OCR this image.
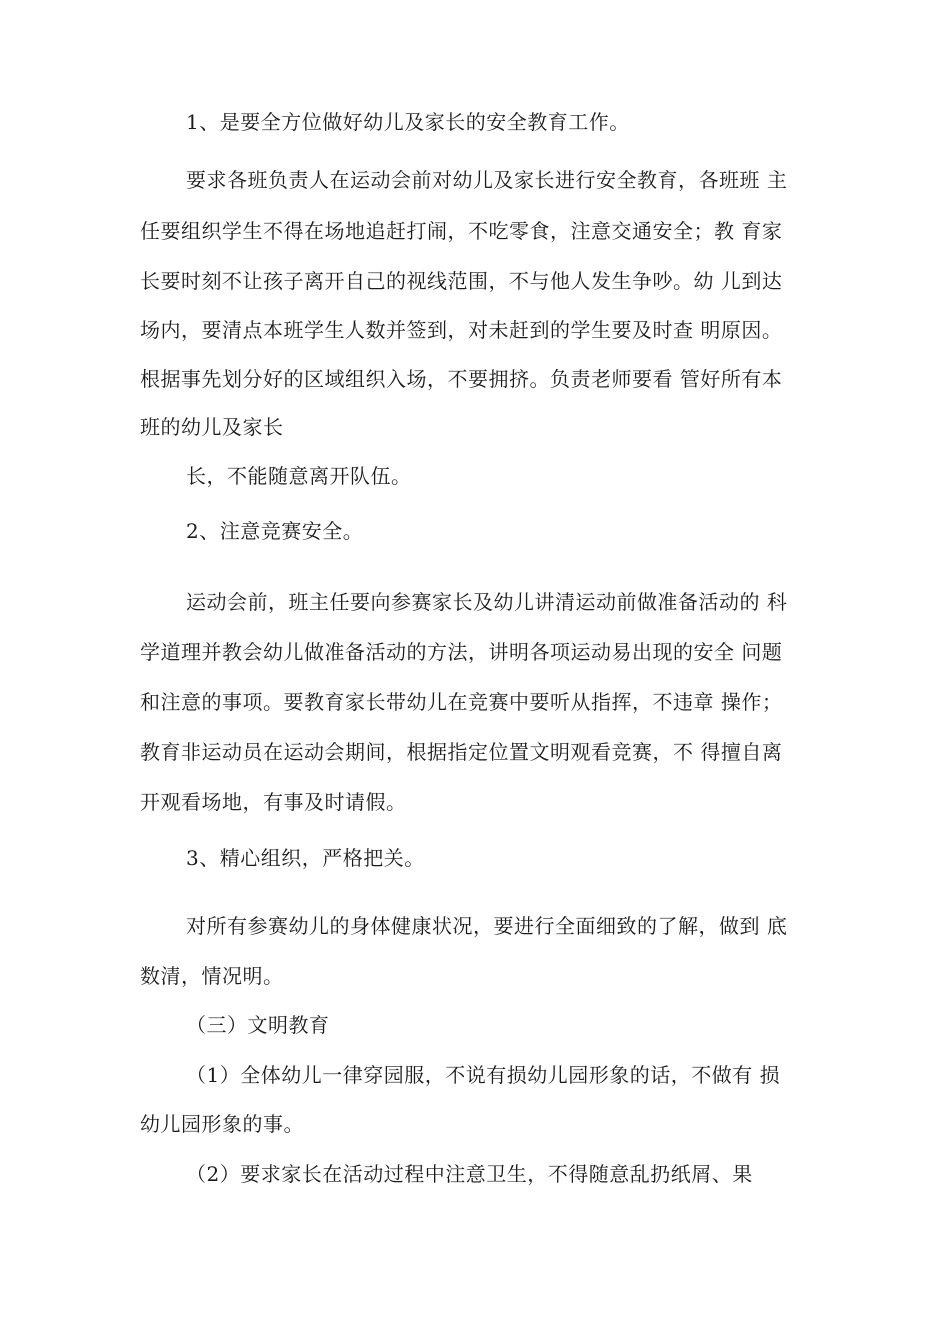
1、是要全方位做好幼儿及家长的安全教育工作。
要求各班负责人在运动会前对幼儿及家长进行安全教育，各班班 主
任要组织学生不得在场地追赶打闹，不吃零食，注意交通安全；教 育家
长要时刻不让孩子离开自己的视线范围，不与他人发生争吵。幼 儿到达
场内，要清点本班学生人数并签到，对未赶到的学生要及时查 明原因。
根据事先划分好的区域组织入场，不要拥挤。负责老师要看 管好所有本
班的幼儿及家长
长，不能随意离开队伍。
2、注意竞赛安全。
运动会前，班主任要向参赛家长及幼儿讲清运动前做准备活动的 科
学道理并教会幼儿做准备活动的方法，讲明各项运动易出现的安全 问题
和注意的事项。要教育家长带幼儿在竞赛中要听从指挥，不违章 操作；
教育非运动员在运动会期间，根据指定位置文明观看竞赛，不 得擅自离
开观看场地，有事及时请假。
3、精心组织，严格把关。
对所有参赛幼儿的身体健康状况，要进行全面细致的了解，做到 底
数清，情况明。
（三）文明教育
（1）全体幼儿一律穿园服，不说有损幼儿园形象的话，不做有 损
幼儿园形象的事。
（2）要求家长在活动过程中注意卫生，不得随意乱扔纸屑、果
